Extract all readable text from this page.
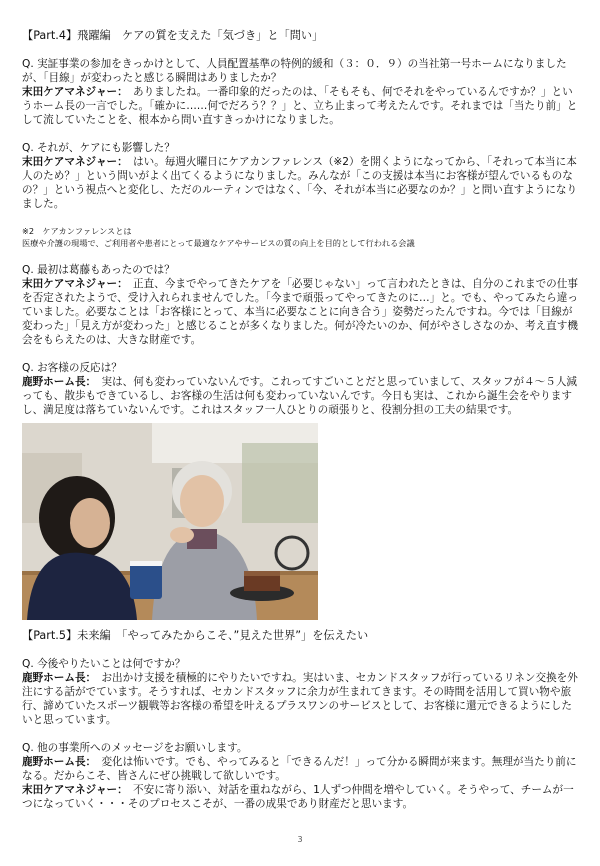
【Part.4】飛躍編　ケアの質を支えた「気づき」と「問い」

Q. 実証事業の参加をきっかけとして、人員配置基準の特例的緩和（３：０．９）の当社第一号ホームになりましたが、「目線」が変わったと感じる瞬間はありましたか？

末田ケアマネジャー：　ありましたね。一番印象的だったのは、「そもそも、何でそれをやっているんですか？」というホーム長の一言でした。「確かに……何でだろう？？」と、立ち止まって考えたんです。それまでは「当たり前」として流していたことを、根本から問い直すきっかけになりました。

Q. それが、ケアにも影響した？

末田ケアマネジャー：　はい。毎週火曜日にケアカンファレンス（※2）を開くようになってから、「それって本当に本人のため？」という問いがよく出てくるようになりました。みんなが「この支援は本当にお客様が望んでいるものなの？」という視点へと変化し、ただのルーティンではなく、「今、それが本当に必要なのか？」と問い直すようになりました。

※2　ケアカンファレンスとは

医療や介護の現場で、ご利用者や患者にとって最適なケアやサービスの質の向上を目的として行われる会議

Q. 最初は葛藤もあったのでは？

末田ケアマネジャー：　正直、今までやってきたケアを「必要じゃない」って言われたときは、自分のこれまでの仕事を否定されたようで、受け入れられませんでした。「今まで頑張ってやってきたのに…」と。でも、やってみたら違っていました。必要なことは「お客様にとって、本当に必要なことに向き合う」姿勢だったんですね。今では「目線が変わった」「見え方が変わった」と感じることが多くなりました。何が冷たいのか、何がやさしさなのか、考え直す機会をもらえたのは、大きな財産です。

Q. お客様の反応は？

鹿野ホーム長：　実は、何も変わっていないんです。これってすごいことだと思っていまして、スタッフが４～５人減っても、散歩もできているし、お客様の生活は何も変わっていないんです。今日も実は、これから誕生会をやりますし、満足度は落ちていないんです。これはスタッフ一人ひとりの頑張りと、役割分担の工夫の結果です。

【Part.5】未来編　「やってみたからこそ、”見えた世界”」を伝えたい

Q. 今後やりたいことは何ですか？

鹿野ホーム長：　お出かけ支援を積極的にやりたいですね。実はいま、セカンドスタッフが行っているリネン交換を外注にする話がでています。そうすれば、セカンドスタッフに余力が生まれてきます。その時間を活用して買い物や旅行、諦めていたスポーツ観戦等お客様の希望を叶えるプラスワンのサービスとして、お客様に還元できるようにしたいと思っています。

Q. 他の事業所へのメッセージをお願いします。

鹿野ホーム長：　変化は怖いです。でも、やってみると「できるんだ！」って分かる瞬間が来ます。無理が当たり前になる。だからこそ、皆さんにぜひ挑戦して欲しいです。

末田ケアマネジャー：　不安に寄り添い、対話を重ねながら、1人ずつ仲間を増やしていく。そうやって、チームが一つになっていく・・・そのプロセスこそが、一番の成果であり財産だと思います。

3
